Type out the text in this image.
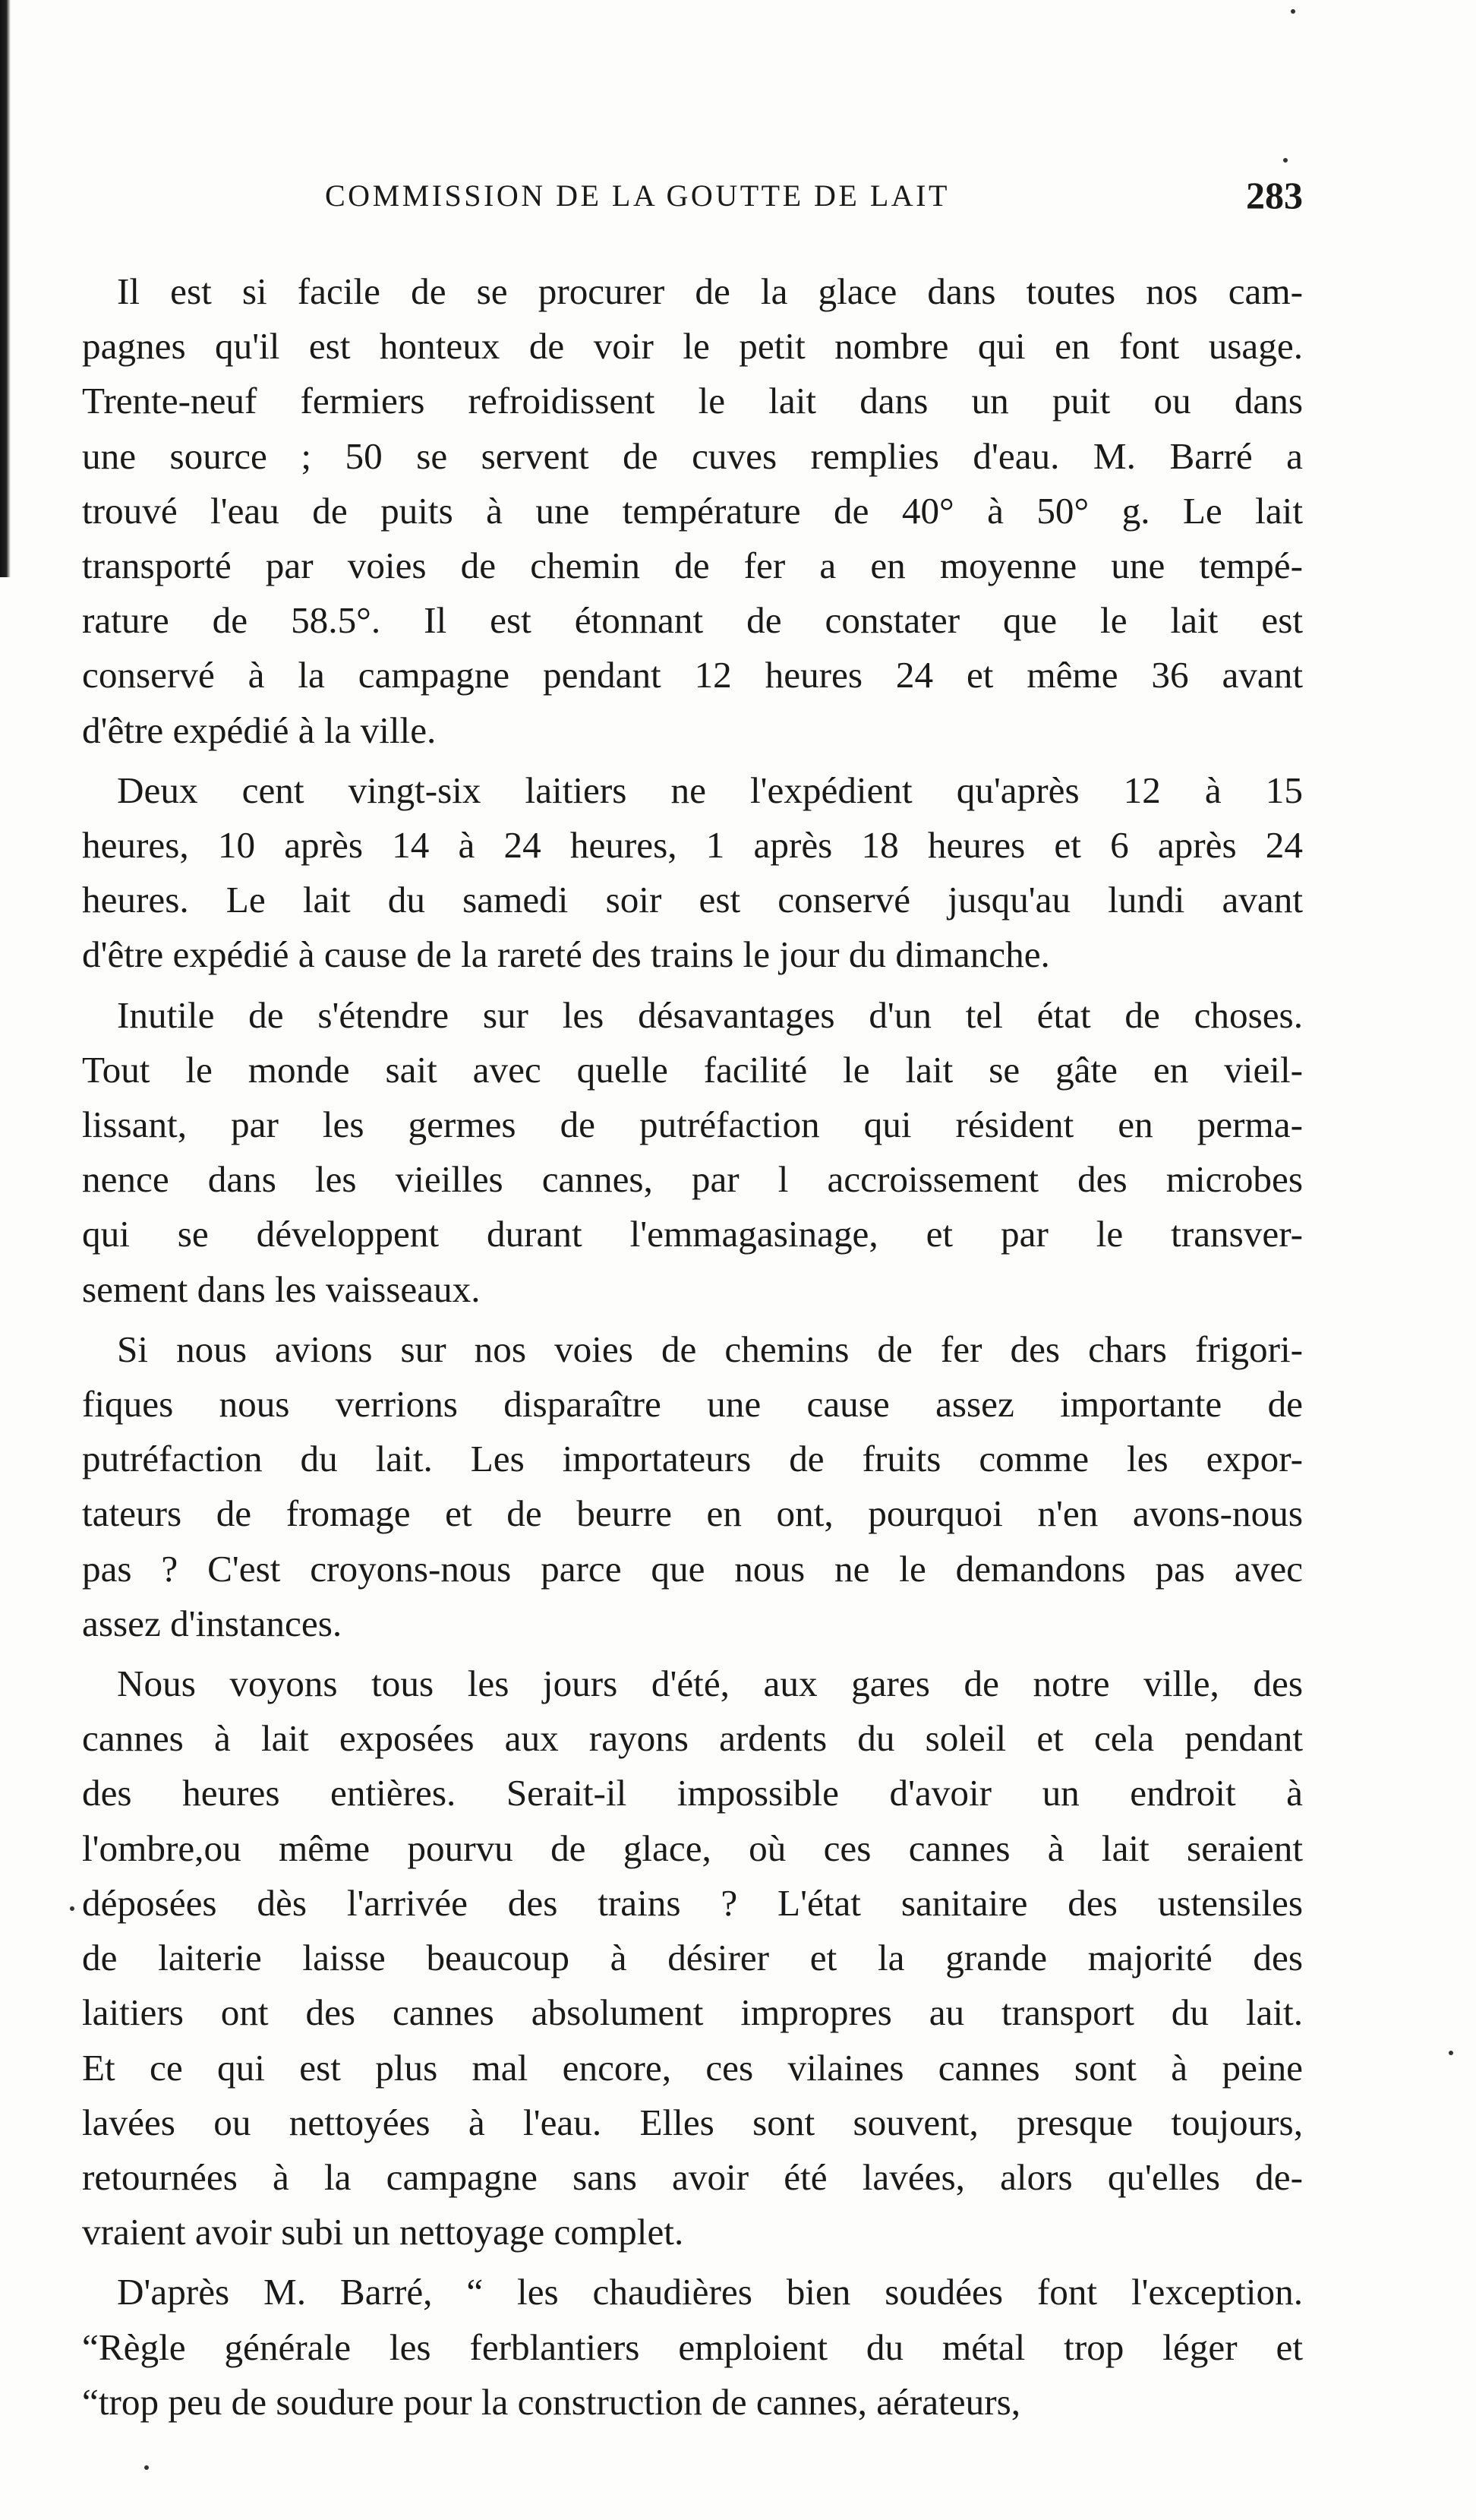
COMMISSION DE LA GOUTTE DE LAIT	283
Il est si facile de se procurer de la glace dans toutes nos cam-
pagnes qu'il est honteux de voir le petit nombre qui en font usage.
Trente-neuf fermiers refroidissent le lait dans un puit ou dans
une source ; 50 se servent de cuves remplies d'eau. M. Barré a
trouvé l'eau de puits à une température de 40° à 50° g. Le lait
transporté par voies de chemin de fer a en moyenne une tempé-
rature de 58.5°. Il est étonnant de constater que le lait est
conservé à la campagne pendant 12 heures 24 et même 36 avant
d'être expédié à la ville.
Deux cent vingt-six laitiers ne l'expédient qu'après 12 à 15
heures, 10 après 14 à 24 heures, 1 après 18 heures et 6 après 24
heures. Le lait du samedi soir est conservé jusqu'au lundi avant
d'être expédié à cause de la rareté des trains le jour du dimanche.
Inutile de s'étendre sur les désavantages d'un tel état de choses.
Tout le monde sait avec quelle facilité le lait se gâte en vieil-
lissant, par les germes de putréfaction qui résident en perma-
nence dans les vieilles cannes, par l accroissement des microbes
qui se développent durant l'emmagasinage, et par le transver-
sement dans les vaisseaux.
Si nous avions sur nos voies de chemins de fer des chars frigori-
fiques nous verrions disparaître une cause assez importante de
putréfaction du lait. Les importateurs de fruits comme les expor-
tateurs de fromage et de beurre en ont, pourquoi n'en avons-nous
pas ? C'est croyons-nous parce que nous ne le demandons pas avec
assez d'instances.
Nous voyons tous les jours d'été, aux gares de notre ville, des
cannes à lait exposées aux rayons ardents du soleil et cela pendant
des heures entières. Serait-il impossible d'avoir un endroit à
l'ombre,ou même pourvu de glace, où ces cannes à lait seraient
déposées dès l'arrivée des trains ? L'état sanitaire des ustensiles
de laiterie laisse beaucoup à désirer et la grande majorité des
laitiers ont des cannes absolument impropres au transport du lait.
Et ce qui est plus mal encore, ces vilaines cannes sont à peine
lavées ou nettoyées à l'eau. Elles sont souvent, presque toujours,
retournées à la campagne sans avoir été lavées, alors qu'elles de-
vraient avoir subi un nettoyage complet.
D'après M. Barré, “ les chaudières bien soudées font l'exception.
“Règle générale les ferblantiers emploient du métal trop léger et
“trop peu de soudure pour la construction de cannes, aérateurs,
